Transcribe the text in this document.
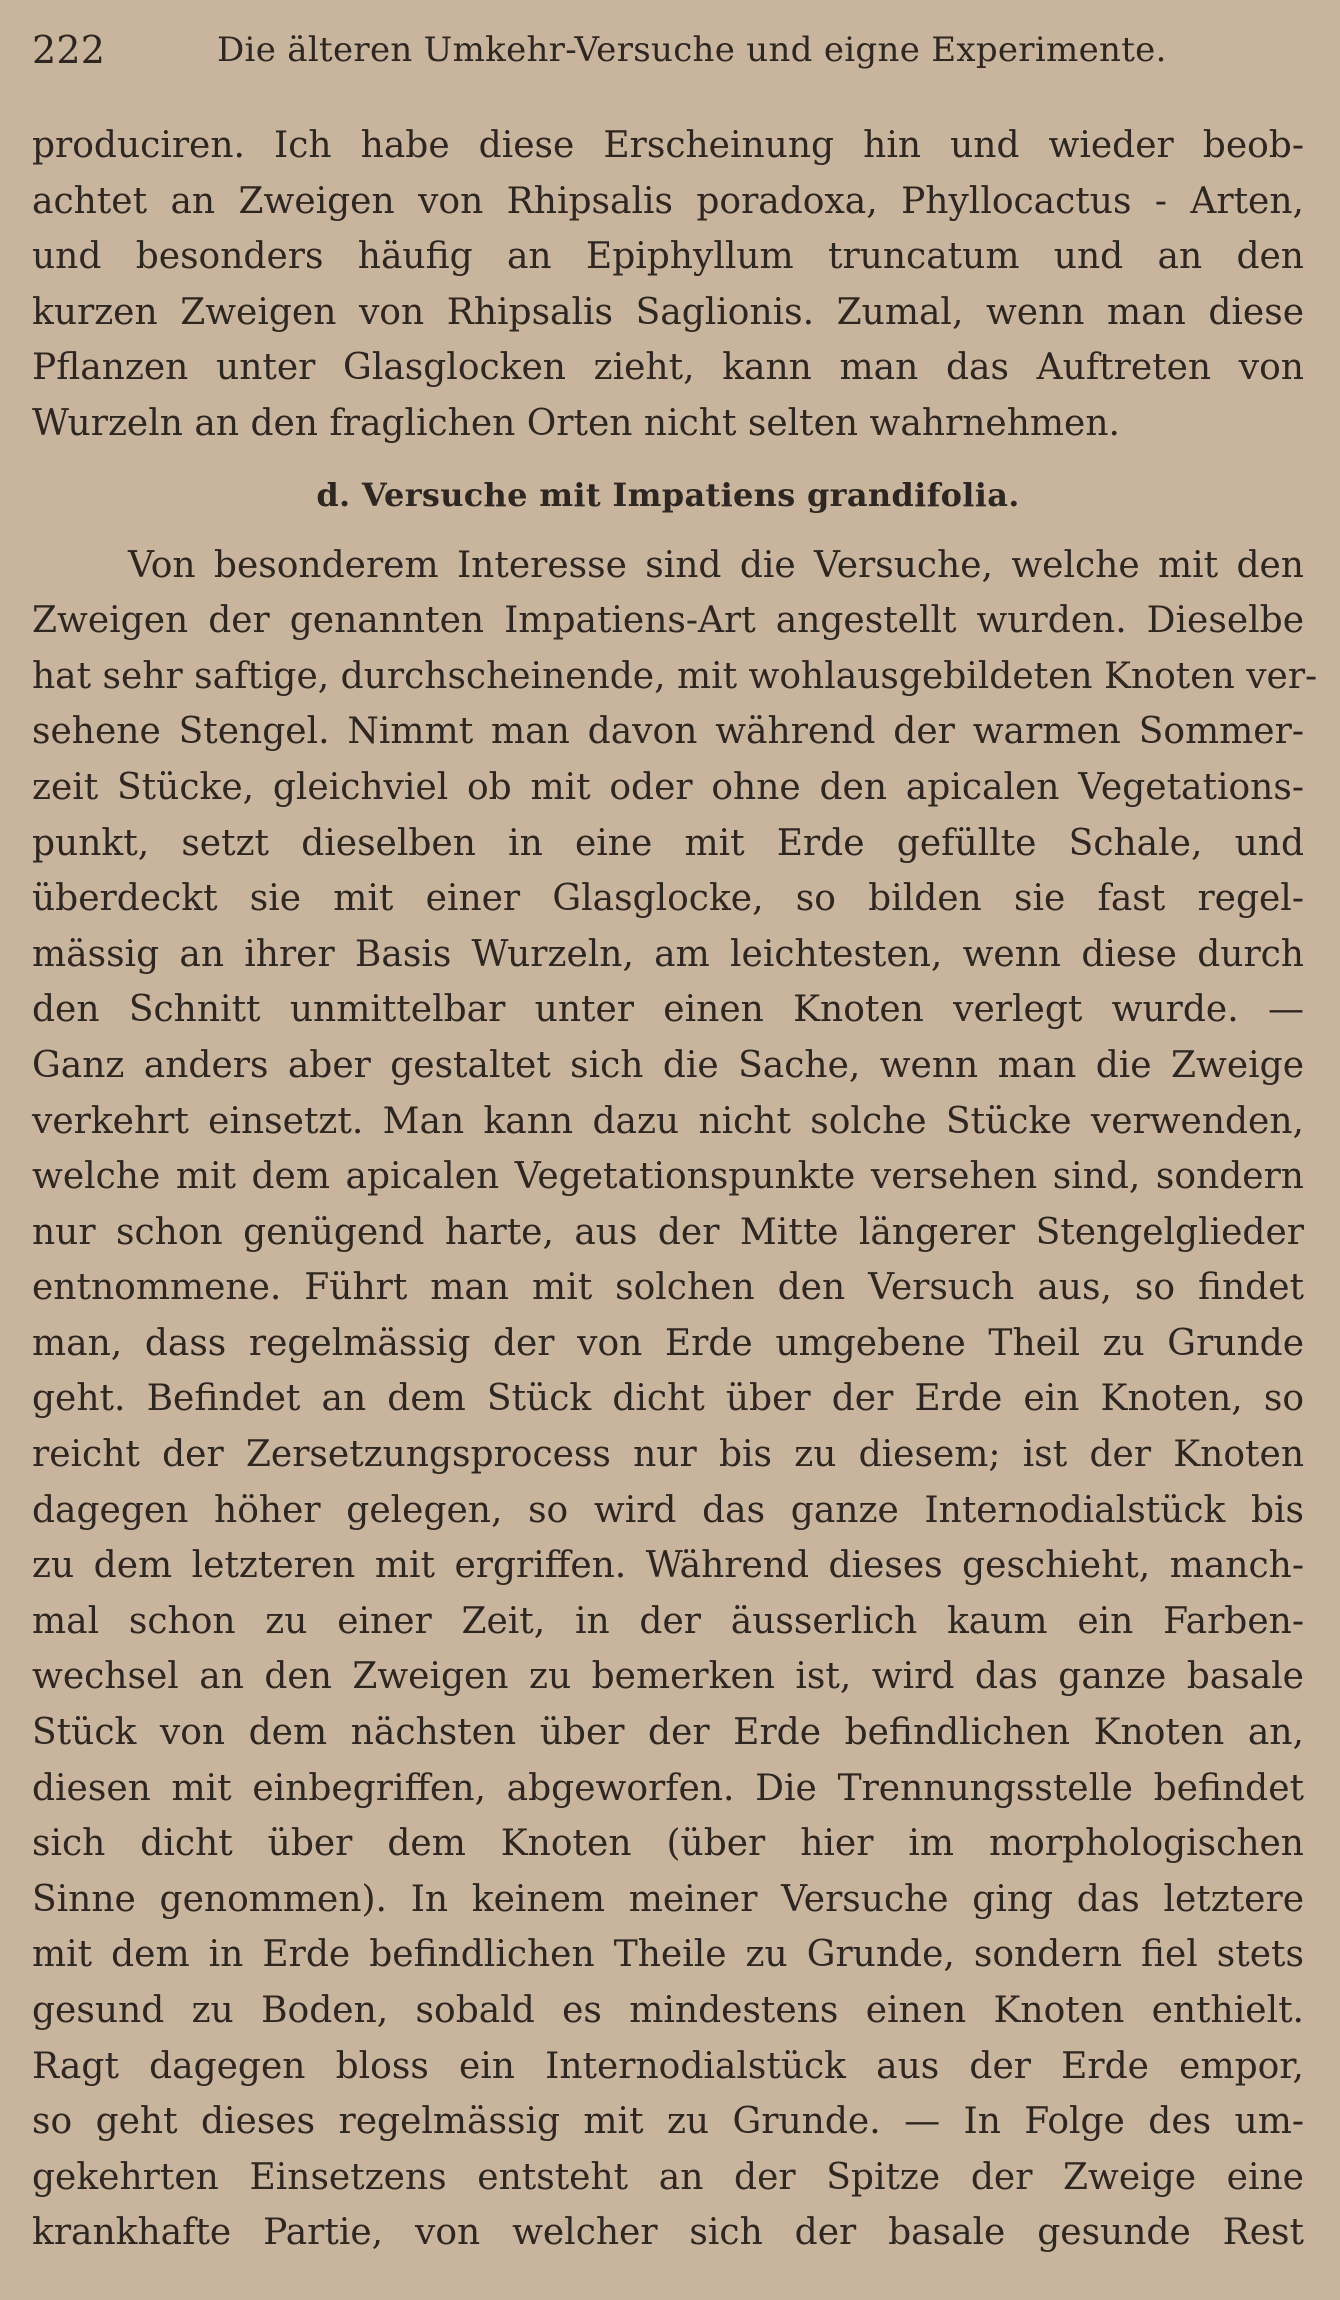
222	Die älteren Umkehr-Versuche und eigne Experimente.
produciren. Ich habe diese Erscheinung hin und wieder beob-
achtet an Zweigen von Rhipsalis poradoxa, Phyllocactus - Arten,
und besonders häufig an Epiphyllum truncatum und an den
kurzen Zweigen von Rhipsalis Saglionis. Zumal, wenn man diese
Pflanzen unter Glasglocken zieht, kann man das Auftreten von
Wurzeln an den fraglichen Orten nicht selten wahrnehmen.
d. Versuche mit Impatiens grandifolia.
Von besonderem Interesse sind die Versuche, welche mit den
Zweigen der genannten Impatiens-Art angestellt wurden. Dieselbe
hat sehr saftige, durchscheinende, mit wohlausgebildeten Knoten ver-
sehene Stengel. Nimmt man davon während der warmen Sommer-
zeit Stücke, gleichviel ob mit oder ohne den apicalen Vegetations-
punkt, setzt dieselben in eine mit Erde gefüllte Schale, und
überdeckt sie mit einer Glasglocke, so bilden sie fast regel-
mässig an ihrer Basis Wurzeln, am leichtesten, wenn diese durch
den Schnitt unmittelbar unter einen Knoten verlegt wurde. —
Ganz anders aber gestaltet sich die Sache, wenn man die Zweige
verkehrt einsetzt. Man kann dazu nicht solche Stücke verwenden,
welche mit dem apicalen Vegetationspunkte versehen sind, sondern
nur schon genügend harte, aus der Mitte längerer Stengelglieder
entnommene. Führt man mit solchen den Versuch aus, so findet
man, dass regelmässig der von Erde umgebene Theil zu Grunde
geht. Befindet an dem Stück dicht über der Erde ein Knoten, so
reicht der Zersetzungsprocess nur bis zu diesem; ist der Knoten
dagegen höher gelegen, so wird das ganze Internodialstück bis
zu dem letzteren mit ergriffen. Während dieses geschieht, manch-
mal schon zu einer Zeit, in der äusserlich kaum ein Farben-
wechsel an den Zweigen zu bemerken ist, wird das ganze basale
Stück von dem nächsten über der Erde befindlichen Knoten an,
diesen mit einbegriffen, abgeworfen. Die Trennungsstelle befindet
sich dicht über dem Knoten (über hier im morphologischen
Sinne genommen). In keinem meiner Versuche ging das letztere
mit dem in Erde befindlichen Theile zu Grunde, sondern fiel stets
gesund zu Boden, sobald es mindestens einen Knoten enthielt.
Ragt dagegen bloss ein Internodialstück aus der Erde empor,
so geht dieses regelmässig mit zu Grunde. — In Folge des um-
gekehrten Einsetzens entsteht an der Spitze der Zweige eine
krankhafte Partie, von welcher sich der basale gesunde Rest
